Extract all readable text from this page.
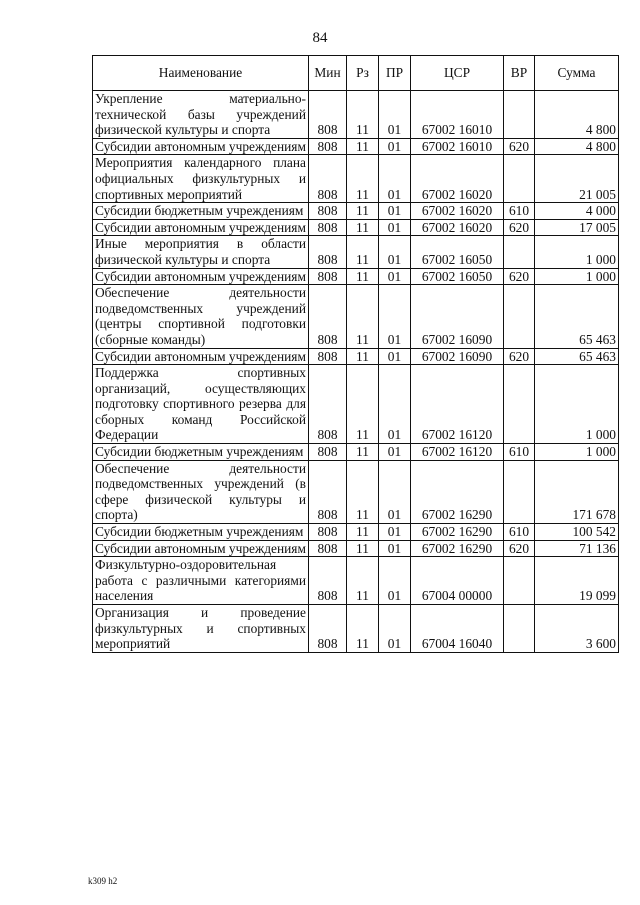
84
Наименование	Мин	Рз	ПР	ЦСР	ВР	Сумма
Укрепление материально-технической базы учреждений физической культуры и спорта	808	11	01	67002 16010		4 800
Субсидии автономным учреждениям	808	11	01	67002 16010	620	4 800
Мероприятия календарного плана официальных физкультурных и спортивных мероприятий	808	11	01	67002 16020		21 005
Субсидии бюджетным учреждениям	808	11	01	67002 16020	610	4 000
Субсидии автономным учреждениям	808	11	01	67002 16020	620	17 005
Иные мероприятия в области физической культуры и спорта	808	11	01	67002 16050		1 000
Субсидии автономным учреждениям	808	11	01	67002 16050	620	1 000
Обеспечение деятельности подведомственных учреждений (центры спортивной подготовки (сборные команды)	808	11	01	67002 16090		65 463
Субсидии автономным учреждениям	808	11	01	67002 16090	620	65 463
Поддержка спортивных организаций, осуществляющих подготовку спортивного резерва для сборных команд Российской Федерации	808	11	01	67002 16120		1 000
Субсидии бюджетным учреждениям	808	11	01	67002 16120	610	1 000
Обеспечение деятельности подведомственных учреждений (в сфере физической культуры и спорта)	808	11	01	67002 16290		171 678
Субсидии бюджетным учреждениям	808	11	01	67002 16290	610	100 542
Субсидии автономным учреждениям	808	11	01	67002 16290	620	71 136
Физкультурно-оздоровительная работа с различными категориями населения	808	11	01	67004 00000		19 099
Организация и проведение физкультурных и спортивных мероприятий	808	11	01	67004 16040		3 600
k309 h2
